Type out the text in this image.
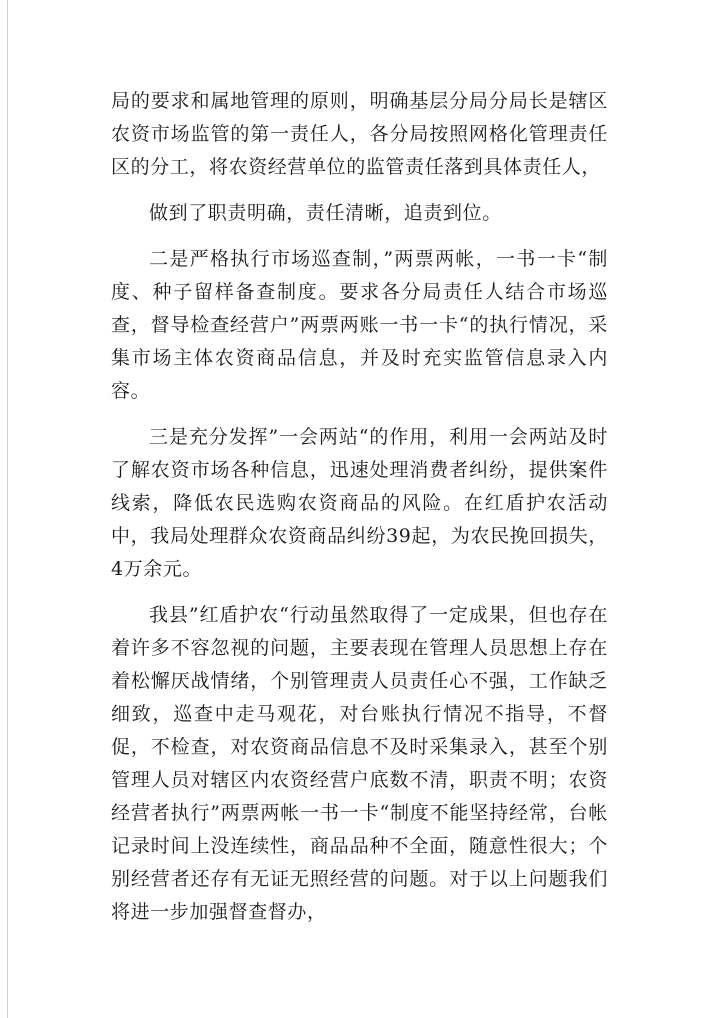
局的要求和属地管理的原则，明确基层分局分局长是辖区农资市场监管的第一责任人，各分局按照网格化管理责任区的分工，将农资经营单位的监管责任落到具体责任人，

做到了职责明确，责任清晰，追责到位。

二是严格执行市场巡查制，”两票两帐，一书一卡“制度、种子留样备查制度。要求各分局责任人结合市场巡查，督导检查经营户”两票两账一书一卡“的执行情况，采集市场主体农资商品信息，并及时充实监管信息录入内容。

三是充分发挥”一会两站“的作用，利用一会两站及时了解农资市场各种信息，迅速处理消费者纠纷，提供案件线索，降低农民选购农资商品的风险。在红盾护农活动中，我局处理群众农资商品纠纷39起，为农民挽回损失，4万余元。

我县”红盾护农“行动虽然取得了一定成果，但也存在着许多不容忽视的问题，主要表现在管理人员思想上存在着松懈厌战情绪，个别管理责人员责任心不强，工作缺乏细致，巡查中走马观花，对台账执行情况不指导，不督促，不检查，对农资商品信息不及时采集录入，甚至个别管理人员对辖区内农资经营户底数不清，职责不明；农资经营者执行”两票两帐一书一卡“制度不能坚持经常，台帐记录时间上没连续性，商品品种不全面，随意性很大；个别经营者还存有无证无照经营的问题。对于以上问题我们将进一步加强督查督办，
